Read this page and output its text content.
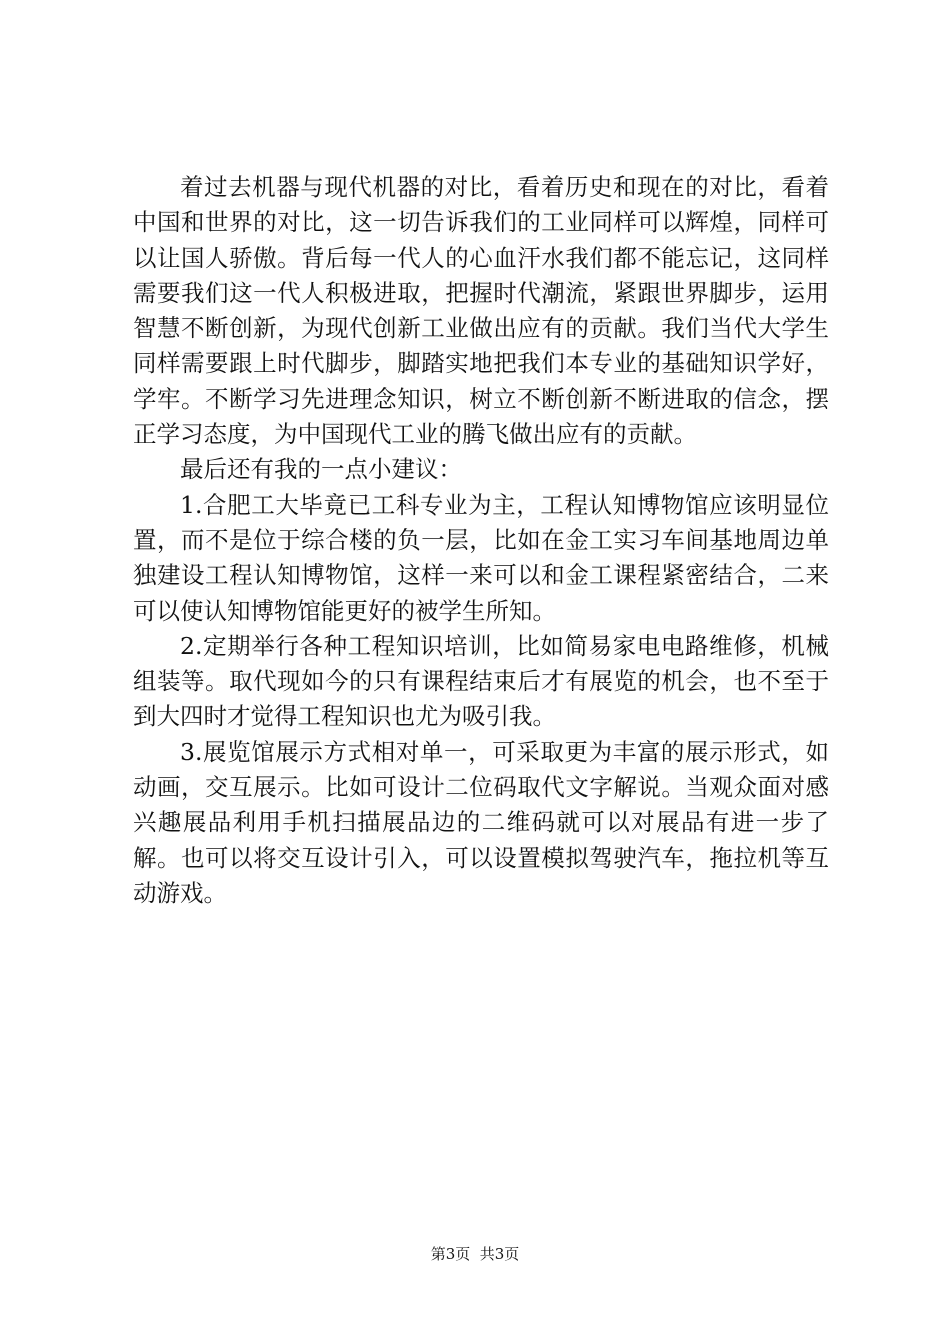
着过去机器与现代机器的对比，看着历史和现在的对比，看着中国和世界的对比，这一切告诉我们的工业同样可以辉煌，同样可以让国人骄傲。背后每一代人的心血汗水我们都不能忘记，这同样需要我们这一代人积极进取，把握时代潮流，紧跟世界脚步，运用智慧不断创新，为现代创新工业做出应有的贡献。我们当代大学生同样需要跟上时代脚步，脚踏实地把我们本专业的基础知识学好，学牢。不断学习先进理念知识，树立不断创新不断进取的信念，摆正学习态度，为中国现代工业的腾飞做出应有的贡献。

最后还有我的一点小建议：

1.合肥工大毕竟已工科专业为主，工程认知博物馆应该明显位置，而不是位于综合楼的负一层，比如在金工实习车间基地周边单独建设工程认知博物馆，这样一来可以和金工课程紧密结合，二来可以使认知博物馆能更好的被学生所知。

2.定期举行各种工程知识培训，比如简易家电电路维修，机械组装等。取代现如今的只有课程结束后才有展览的机会，也不至于到大四时才觉得工程知识也尤为吸引我。

3.展览馆展示方式相对单一，可采取更为丰富的展示形式，如动画，交互展示。比如可设计二位码取代文字解说。当观众面对感兴趣展品利用手机扫描展品边的二维码就可以对展品有进一步了解。也可以将交互设计引入，可以设置模拟驾驶汽车，拖拉机等互动游戏。

第3页  共3页
